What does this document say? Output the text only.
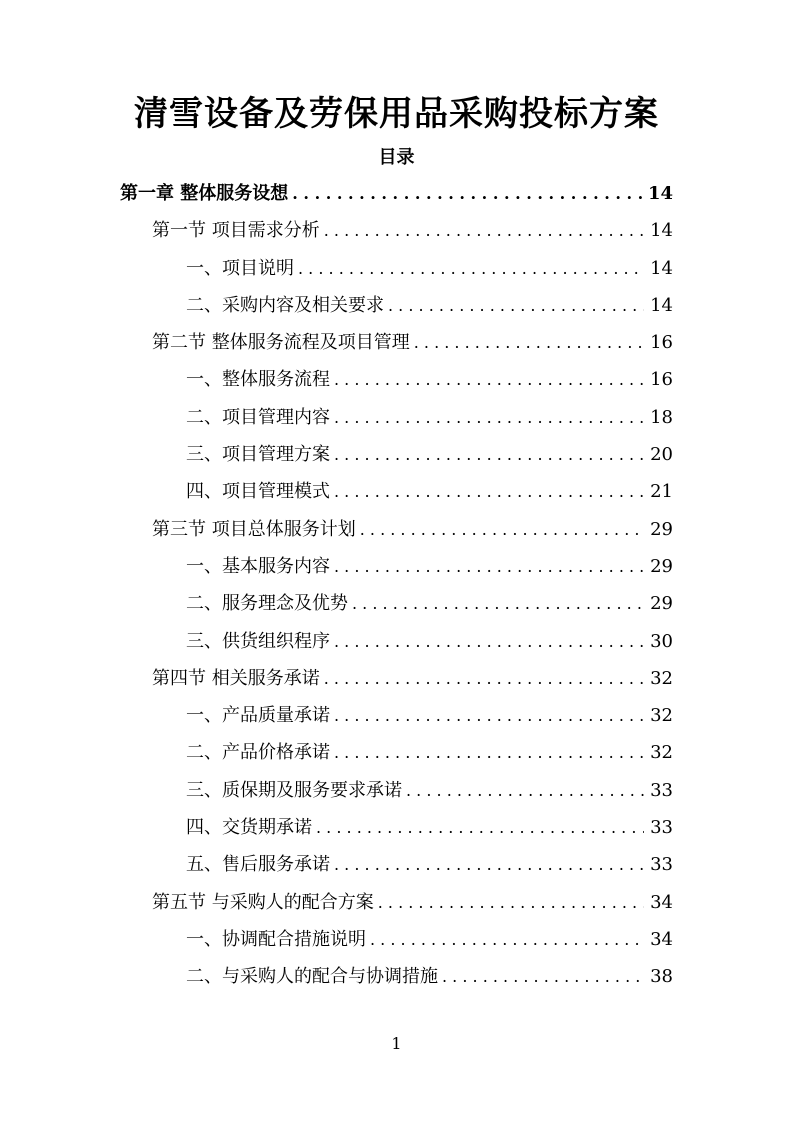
清雪设备及劳保用品采购投标方案
目录
第一章 整体服务设想 . . .	14
第一节 项目需求分析 . . .	14
一、项目说明 . . .	14
二、采购内容及相关要求 . . .	14
第二节 整体服务流程及项目管理 . . .	16
一、整体服务流程 . . .	16
二、项目管理内容 . . .	18
三、项目管理方案 . . .	20
四、项目管理模式 . . .	21
第三节 项目总体服务计划 . . .	29
一、基本服务内容 . . .	29
二、服务理念及优势 . . .	29
三、供货组织程序 . . .	30
第四节 相关服务承诺 . . .	32
一、产品质量承诺 . . .	32
二、产品价格承诺 . . .	32
三、质保期及服务要求承诺 . . .	33
四、交货期承诺 . . .	33
五、售后服务承诺 . . .	33
第五节 与采购人的配合方案 . . .	34
一、协调配合措施说明 . . .	34
二、与采购人的配合与协调措施 . . .	38
1
